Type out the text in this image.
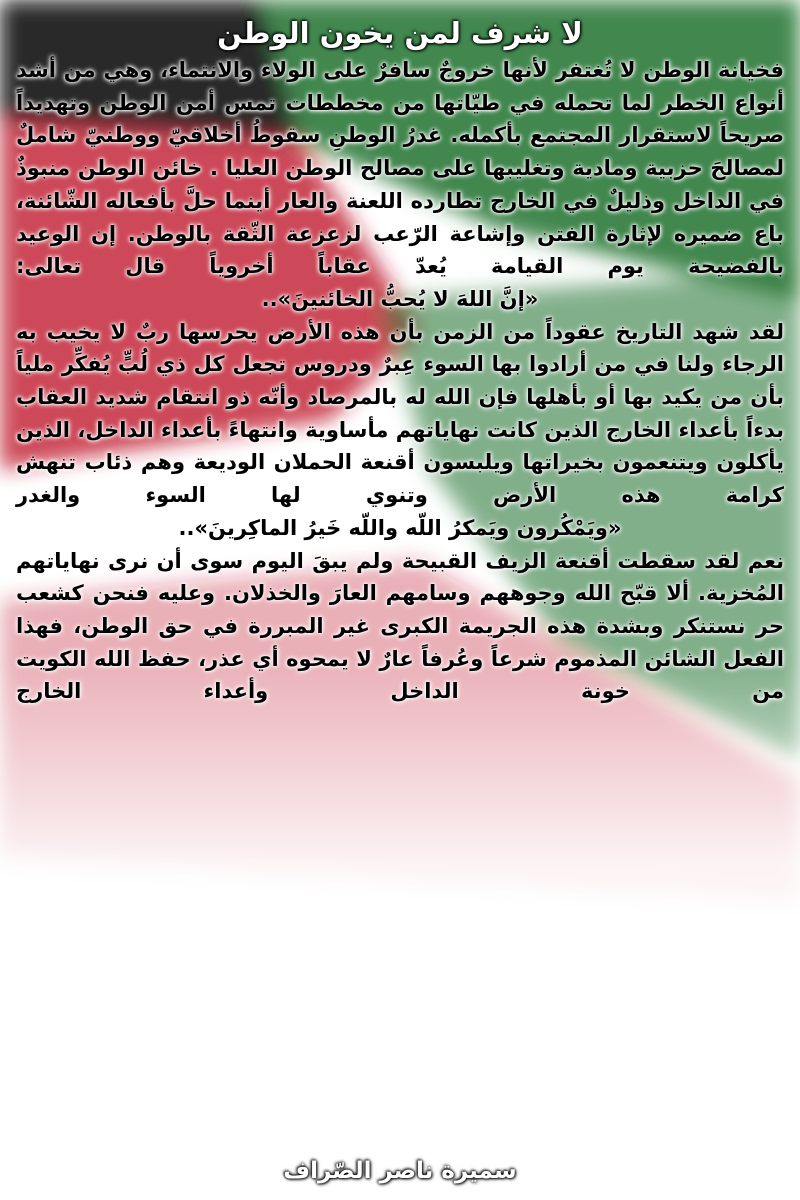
لا شرف لمن يخون الوطن

فخيانة الوطن لا تُغتفر لأنها خروجٌ سافرٌ على الولاء والانتماء، وهي من أشد أنواع الخطر لما تحمله في طيّاتها من مخططات تمس أمن الوطن وتهديداً صريحاً لاستقرار المجتمع بأكمله. غدرُ الوطنِ سقوطُ أخلاقيّ ووطنيّ شاملٌ لمصالحَ حزبية ومادية وتغليبها على مصالح الوطن العليا . خائن الوطن منبوذٌ في الداخل وذليلٌ في الخارج تطارده اللعنة والعار أينما حلَّ بأفعاله الشّائنة، باع ضميره لإثارة الفتن وإشاعة الرّعب لزعزعة الثّقة بالوطن. إن الوعيد بالفضيحة يوم القيامة يُعدّ عقاباً أخروياً قال تعالى:

«إنَّ اللهَ لا يُحبُّ الخائنينَ»..

لقد شهد التاريخ عقوداً من الزمن بأن هذه الأرض يحرسها ربٌ لا يخيب به الرجاء ولنا في من أرادوا بها السوء عِبرٌ ودروس تجعل كل ذي لُبٍّ يُفكِّر ملياً بأن من يكيد بها أو بأهلها فإن الله له بالمرصاد وأنّه ذو انتقام شديد العقاب بدءاً بأعداء الخارج الذين كانت نهاياتهم مأساوية وانتهاءً بأعداء الداخل، الذين يأكلون ويتنعمون بخيراتها ويلبسون أقنعة الحملان الوديعة وهم ذئاب تنهش كرامة هذه الأرض وتنوي لها السوء والغدر

«ويَمْكُرون ويَمكرُ اللّه واللّه خَيرُ الماكِرينَ»..

نعم لقد سقطت أقنعة الزيف القبيحة ولم يبقَ اليوم سوى أن نرى نهاياتهم المُخزية. ألا قبّح الله وجوههم وسامهم العارَ والخذلان. وعليه فنحن كشعب حر نستنكر وبشدة هذه الجريمة الكبرى غير المبررة في حق الوطن، فهذا الفعل الشائن المذموم شرعاً وعُرفاً عارٌ لا يمحوه أي عذر، حفظ الله الكويت من خونة الداخل وأعداء الخارج

سميرة ناصر الصّراف
